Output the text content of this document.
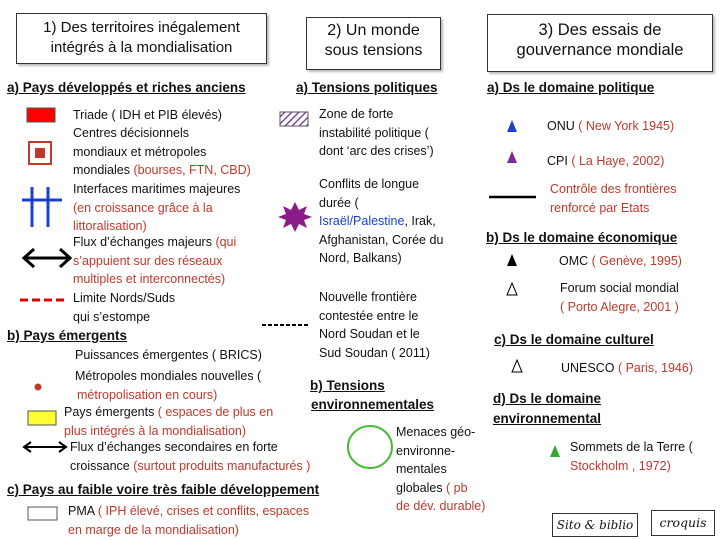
1) Des territoires inégalement
intégrés à la mondialisation
2) Un monde
sous tensions
3) Des essais de
gouvernance mondiale
a) Pays développés et riches anciens
Triade ( IDH et PIB élevés)
Centres décisionnels
mondiaux et métropoles
mondiales (bourses, FTN, CBD)
Interfaces maritimes majeures
(en croissance grâce à la
littoralisation)
Flux d’échanges majeurs (qui
s’appuient sur des réseaux
multiples et interconnectés)
Limite Nords/Suds
qui s’estompe
b) Pays émergents
Puissances émergentes ( BRICS)
Métropoles mondiales nouvelles (
métropolisation en cours)
Pays émergents ( espaces de plus en
plus intégrés à la mondialisation)
Flux d’échanges secondaires en forte
croissance (surtout produits manufacturés )
c) Pays au faible voire très faible développement
PMA ( IPH élevé, crises et conflits, espaces
en marge de la mondialisation)
a) Tensions politiques
Zone de forte
instabilité politique (
dont ‘arc des crises’)
Conflits de longue
durée (
Israël/Palestine, Irak,
Afghanistan, Corée du
Nord, Balkans)
Nouvelle frontière
contestée entre le
Nord Soudan et le
Sud Soudan ( 2011)
b) Tensions
environnementales
Menaces géo-
environne-
mentales
globales ( pb
de dév. durable)
a) Ds le domaine politique
ONU ( New York 1945)
CPI ( La Haye, 2002)
Contrôle des frontières
renforcé par Etats
b) Ds le domaine économique
OMC ( Genève, 1995)
Forum social mondial
( Porto Alegre, 2001 )
c) Ds le domaine culturel
UNESCO ( Paris, 1946)
d) Ds le domaine
environnemental
Sommets de la Terre (
Stockholm , 1972)
Sito & biblio	croquis
